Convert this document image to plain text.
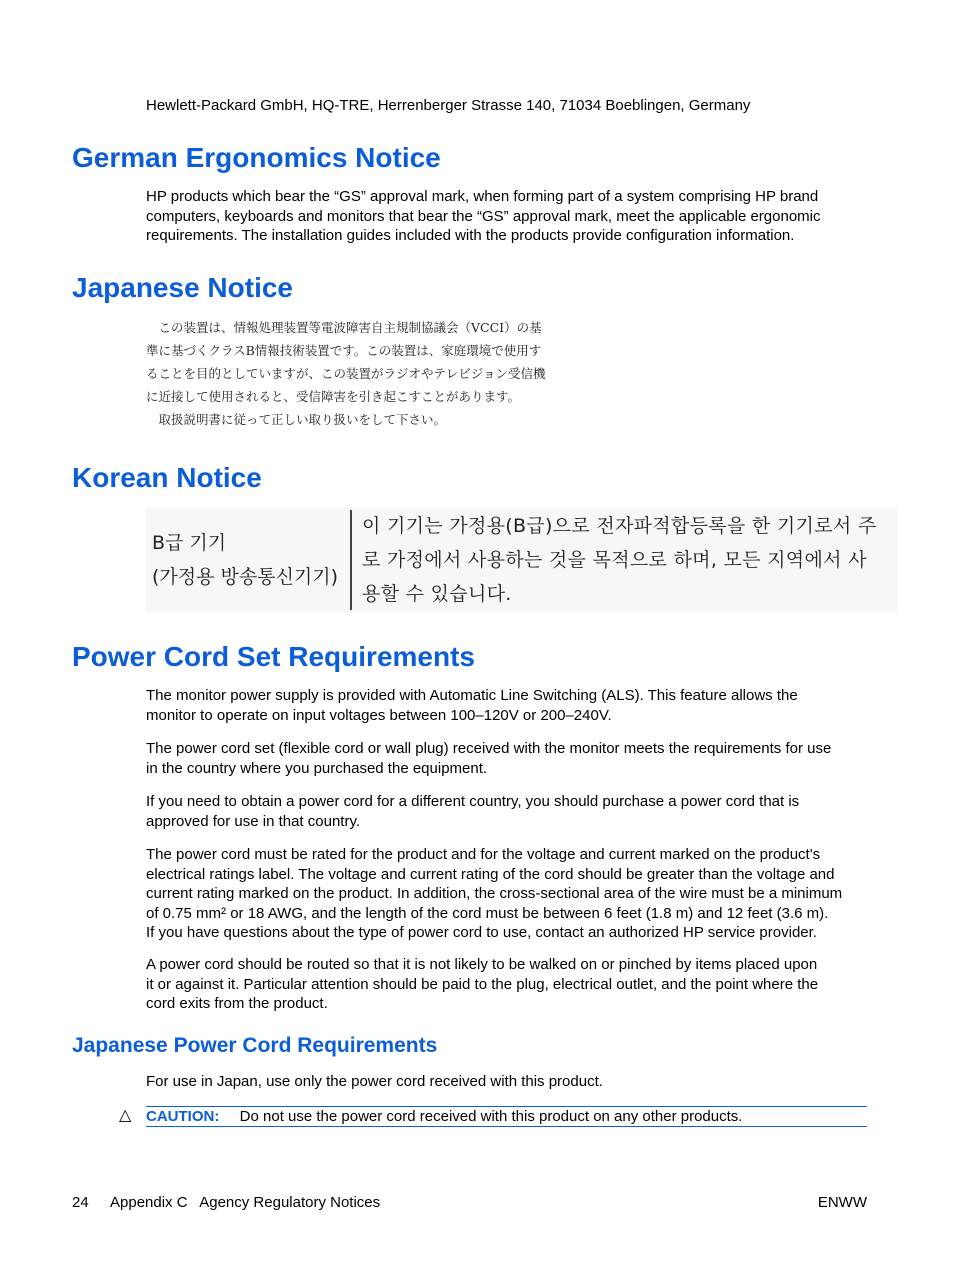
Hewlett-Packard GmbH, HQ-TRE, Herrenberger Strasse 140, 71034 Boeblingen, Germany
German Ergonomics Notice
HP products which bear the “GS” approval mark, when forming part of a system comprising HP brand
computers, keyboards and monitors that bear the “GS” approval mark, meet the applicable ergonomic
requirements. The installation guides included with the products provide configuration information.
Japanese Notice
　この装置は、情報処理装置等電波障害自主規制協議会（VCCI）の基
準に基づくクラスB情報技術装置です。この装置は、家庭環境で使用す
ることを目的としていますが、この装置がラジオやテレビジョン受信機
に近接して使用されると、受信障害を引き起こすことがあります。
　取扱説明書に従って正しい取り扱いをして下さい。
Korean Notice
B급 기기
(가정용 방송통신기기)
이 기기는 가정용(B급)으로 전자파적합등록을 한 기기로서 주
로 가정에서 사용하는 것을 목적으로 하며, 모든 지역에서 사
용할 수 있습니다.
Power Cord Set Requirements
The monitor power supply is provided with Automatic Line Switching (ALS). This feature allows the
monitor to operate on input voltages between 100–120V or 200–240V.
The power cord set (flexible cord or wall plug) received with the monitor meets the requirements for use
in the country where you purchased the equipment.
If you need to obtain a power cord for a different country, you should purchase a power cord that is
approved for use in that country.
The power cord must be rated for the product and for the voltage and current marked on the product's
electrical ratings label. The voltage and current rating of the cord should be greater than the voltage and
current rating marked on the product. In addition, the cross-sectional area of the wire must be a minimum
of 0.75 mm² or 18 AWG, and the length of the cord must be between 6 feet (1.8 m) and 12 feet (3.6 m).
If you have questions about the type of power cord to use, contact an authorized HP service provider.
A power cord should be routed so that it is not likely to be walked on or pinched by items placed upon
it or against it. Particular attention should be paid to the plug, electrical outlet, and the point where the
cord exits from the product.
Japanese Power Cord Requirements
For use in Japan, use only the power cord received with this product.
△ CAUTION: Do not use the power cord received with this product on any other products.
24 Appendix C   Agency Regulatory Notices	ENWW
